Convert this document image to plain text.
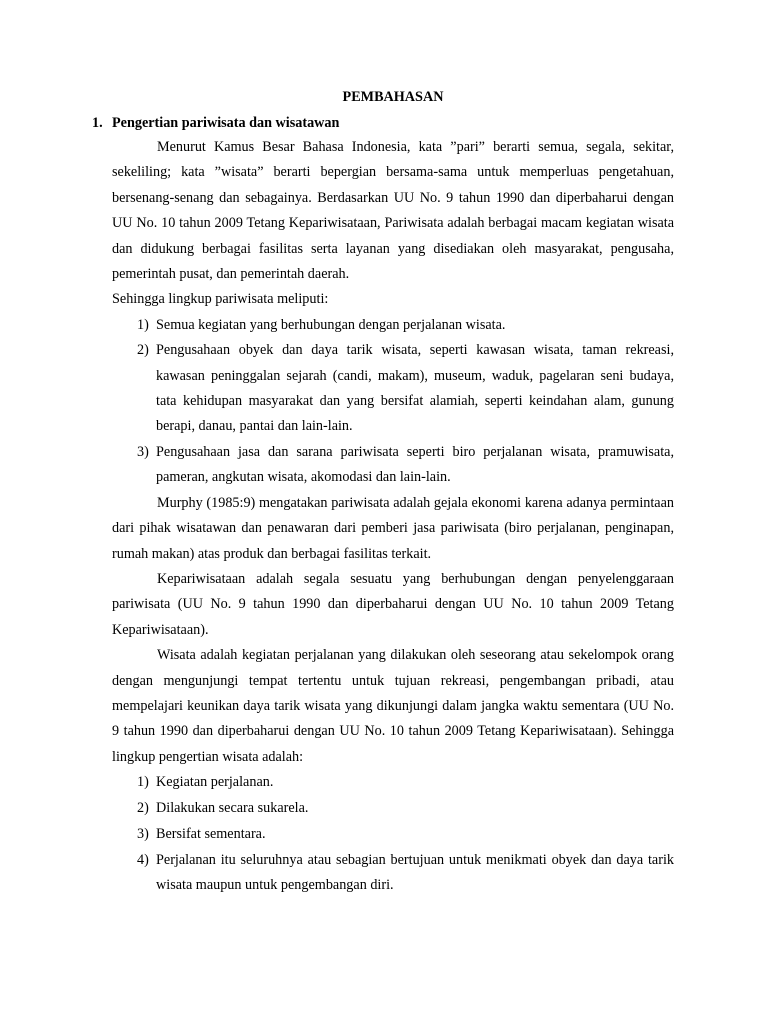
PEMBAHASAN
1. Pengertian pariwisata dan wisatawan

Menurut Kamus Besar Bahasa Indonesia, kata ”pari” berarti semua, segala, sekitar, sekeliling; kata ”wisata” berarti bepergian bersama-sama untuk memperluas pengetahuan, bersenang-senang dan sebagainya. Berdasarkan UU No. 9 tahun 1990 dan diperbaharui dengan UU No. 10 tahun 2009 Tetang Kepariwisataan, Pariwisata adalah berbagai macam kegiatan wisata dan didukung berbagai fasilitas serta layanan yang disediakan oleh masyarakat, pengusaha, pemerintah pusat, dan pemerintah daerah.

Sehingga lingkup pariwisata meliputi:

1) Semua kegiatan yang berhubungan dengan perjalanan wisata.
2) Pengusahaan obyek dan daya tarik wisata, seperti kawasan wisata, taman rekreasi, kawasan peninggalan sejarah (candi, makam), museum, waduk, pagelaran seni budaya, tata kehidupan masyarakat dan yang bersifat alamiah, seperti keindahan alam, gunung berapi, danau, pantai dan lain-lain.
3) Pengusahaan jasa dan sarana pariwisata seperti biro perjalanan wisata, pramuwisata, pameran, angkutan wisata, akomodasi dan lain-lain.

Murphy (1985:9) mengatakan pariwisata adalah gejala ekonomi karena adanya permintaan dari pihak wisatawan dan penawaran dari pemberi jasa pariwisata (biro perjalanan, penginapan, rumah makan) atas produk dan berbagai fasilitas terkait.

Kepariwisataan adalah segala sesuatu yang berhubungan dengan penyelenggaraan pariwisata (UU No. 9 tahun 1990 dan diperbaharui dengan UU No. 10 tahun 2009 Tetang Kepariwisataan).

Wisata adalah kegiatan perjalanan yang dilakukan oleh seseorang atau sekelompok orang dengan mengunjungi tempat tertentu untuk tujuan rekreasi, pengembangan pribadi, atau mempelajari keunikan daya tarik wisata yang dikunjungi dalam jangka waktu sementara (UU No. 9 tahun 1990 dan diperbaharui dengan UU No. 10 tahun 2009 Tetang Kepariwisataan). Sehingga lingkup pengertian wisata adalah:

1) Kegiatan perjalanan.
2) Dilakukan secara sukarela.
3) Bersifat sementara.
4) Perjalanan itu seluruhnya atau sebagian bertujuan untuk menikmati obyek dan daya tarik wisata maupun untuk pengembangan diri.
